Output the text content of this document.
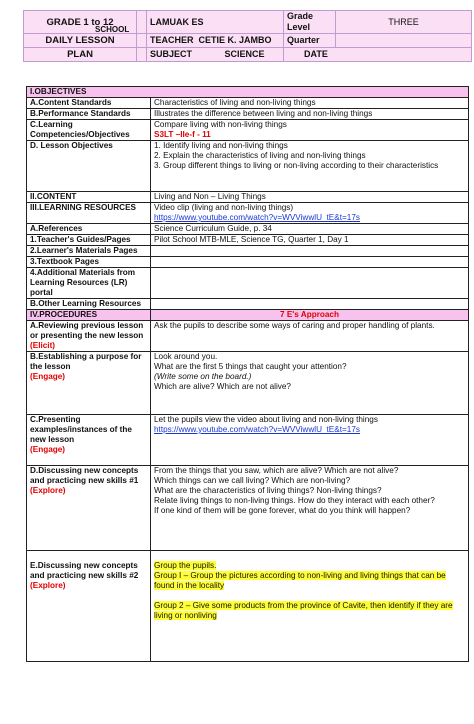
GRADE 1 to 12		LAMUAK ES	Grade Level	THREE
DAILY LESSON		TEACHER CETIE K. JAMBO	Quarter	
PLAN		SUBJECT SCIENCE	DATE	
SCHOOL
I.OBJECTIVES	
A.Content Standards	Characteristics of living and non-living things
B.Performance Standards	Illustrates the difference between living and non-living things
C.Learning Competencies/Objectives	Compare living with non-living things
S3LT –IIe-f - 11

D. Lesson Objectives	1. Identify living and non-living things
2. Explain the characteristics of living and non-living things
3. Group different things to living or non-living according to their characteristics

II.CONTENT	Living and Non – Living Things
III.LEARNING RESOURCES	Video clip (living and non-living things)
https://www.youtube.com/watch?v=WVViwwlU_tE&t=17s

A.References	Science Curriculum Guide, p. 34
1.Teacher's Guides/Pages	Pilot School MTB-MLE, Science TG, Quarter 1, Day 1
2.Learner's Materials Pages	
3.Textbook Pages	
4.Additional Materials from Learning Resources (LR) portal	
B.Other Learning Resources	
IV.PROCEDURES	7 E's Approach

A.Reviewing previous lesson or presenting the new lesson
(Elicit)	Ask the pupils to describe some ways of caring and proper handling of plants.

B.Establishing a purpose for the lesson
(Engage)	Look around you.
What are the first 5 things that caught your attention?
(Write some on the board.)
Which are alive? Which are not alive?

C.Presenting examples/instances of the new lesson
(Engage)	Let the pupils view the video about living and non-living things
https://www.youtube.com/watch?v=WVViwwlU_tE&t=17s

D.Discussing new concepts and practicing new skills #1
(Explore)	From the things that you saw, which are alive? Which are not alive?
Which things can we call living? Which are non-living?
What are the characteristics of living things? Non-living things?
Relate living things to non-living things. How do they interact with each other?
If one kind of them will be gone forever, what do you think will happen?

E.Discussing new concepts and practicing new skills #2
(Explore)	Group the pupils.
Group I – Group the pictures according to non-living and living things that can be found in the locality
Group 2 – Give some products from the province of Cavite, then identify if they are living or nonliving
